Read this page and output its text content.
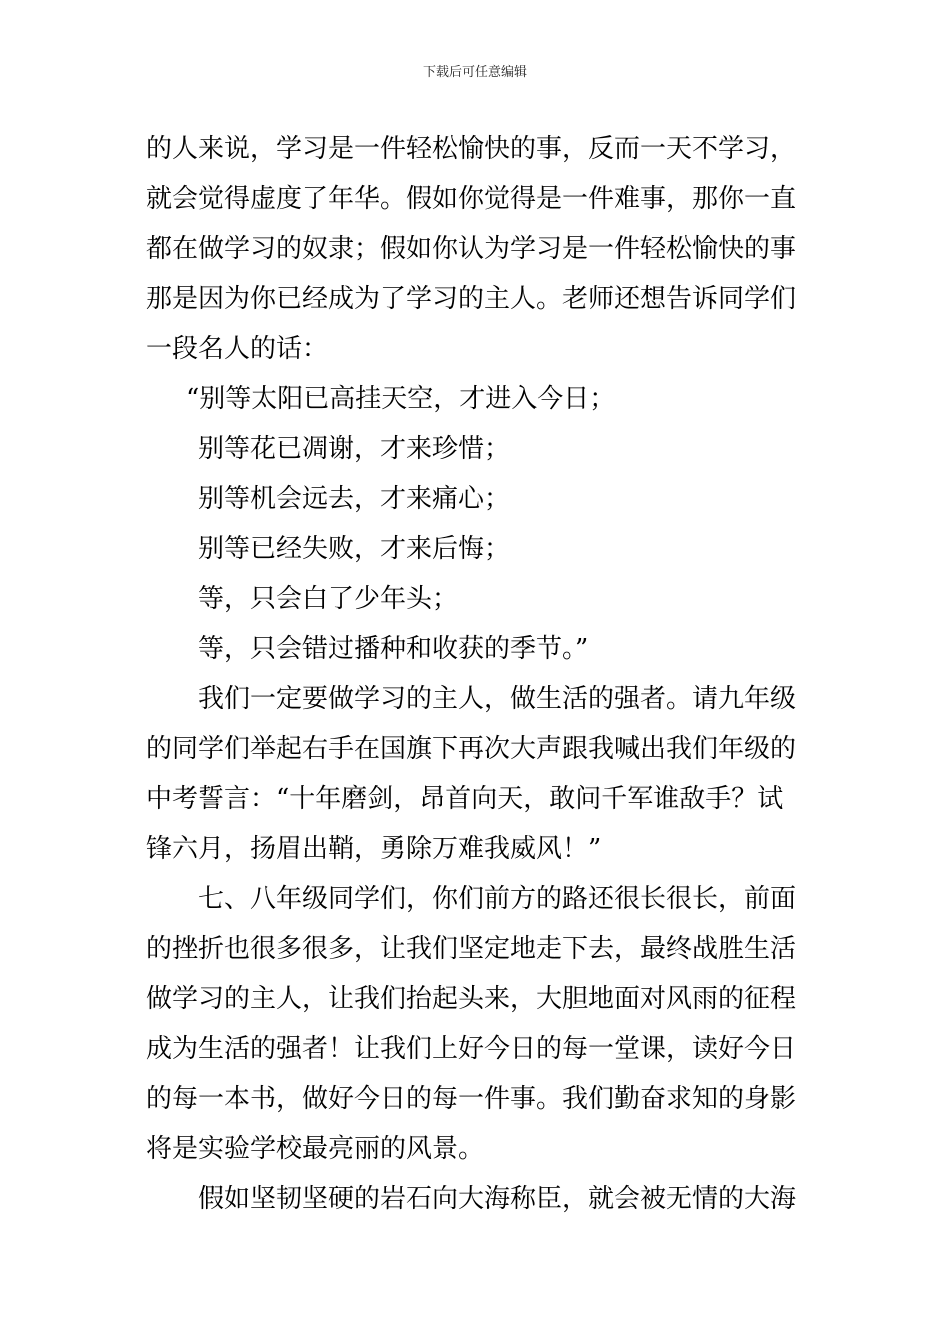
下载后可任意编辑
的人来说，学习是一件轻松愉快的事，反而一天不学习，
就会觉得虚度了年华。假如你觉得是一件难事，那你一直
都在做学习的奴隶；假如你认为学习是一件轻松愉快的事
那是因为你已经成为了学习的主人。老师还想告诉同学们
一段名人的话：
“别等太阳已高挂天空，才进入今日；
别等花已凋谢，才来珍惜；
别等机会远去，才来痛心；
别等已经失败，才来后悔；
等，只会白了少年头；
等，只会错过播种和收获的季节。”
我们一定要做学习的主人，做生活的强者。请九年级
的同学们举起右手在国旗下再次大声跟我喊出我们年级的
中考誓言：“十年磨剑，昂首向天，敢问千军谁敌手？试
锋六月，扬眉出鞘，勇除万难我威风！”
七、八年级同学们，你们前方的路还很长很长，前面
的挫折也很多很多，让我们坚定地走下去，最终战胜生活
做学习的主人，让我们抬起头来，大胆地面对风雨的征程
成为生活的强者！让我们上好今日的每一堂课，读好今日
的每一本书，做好今日的每一件事。我们勤奋求知的身影
将是实验学校最亮丽的风景。
假如坚韧坚硬的岩石向大海称臣，就会被无情的大海
